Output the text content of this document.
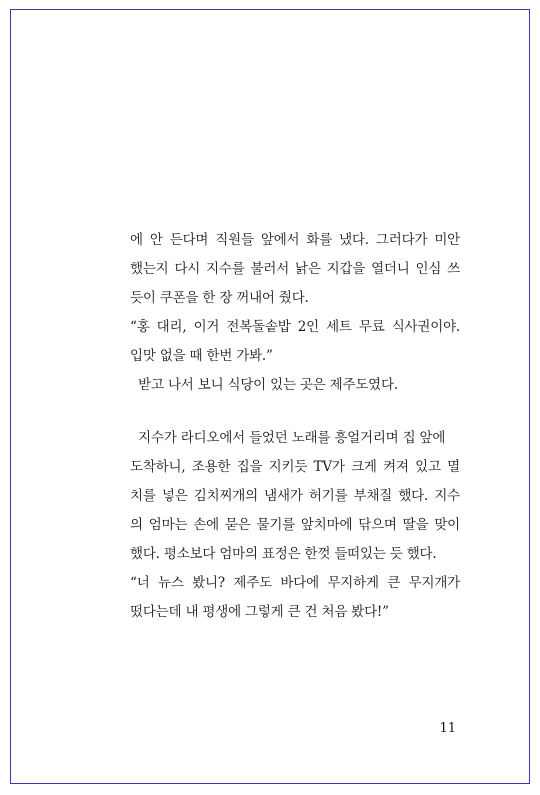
에 안 든다며 직원들 앞에서 화를 냈다. 그러다가 미안
했는지 다시 지수를 불러서 낡은 지갑을 열더니 인심 쓰
듯이 쿠폰을 한 장 꺼내어 줬다.
“홍 대리, 이거 전복돌솥밥 2인 세트 무료 식사권이야.
입맛 없을 때 한번 가봐.”
받고 나서 보니 식당이 있는 곳은 제주도였다.
지수가 라디오에서 들었던 노래를 흥얼거리며 집 앞에
도착하니, 조용한 집을 지키듯 TV가 크게 켜져 있고 멸
치를 넣은 김치찌개의 냄새가 허기를 부채질 했다. 지수
의 엄마는 손에 묻은 물기를 앞치마에 닦으며 딸을 맞이
했다. 평소보다 엄마의 표정은 한껏 들떠있는 듯 했다.
“너 뉴스 봤니? 제주도 바다에 무지하게 큰 무지개가
떴다는데 내 평생에 그렇게 큰 건 처음 봤다!”
11
